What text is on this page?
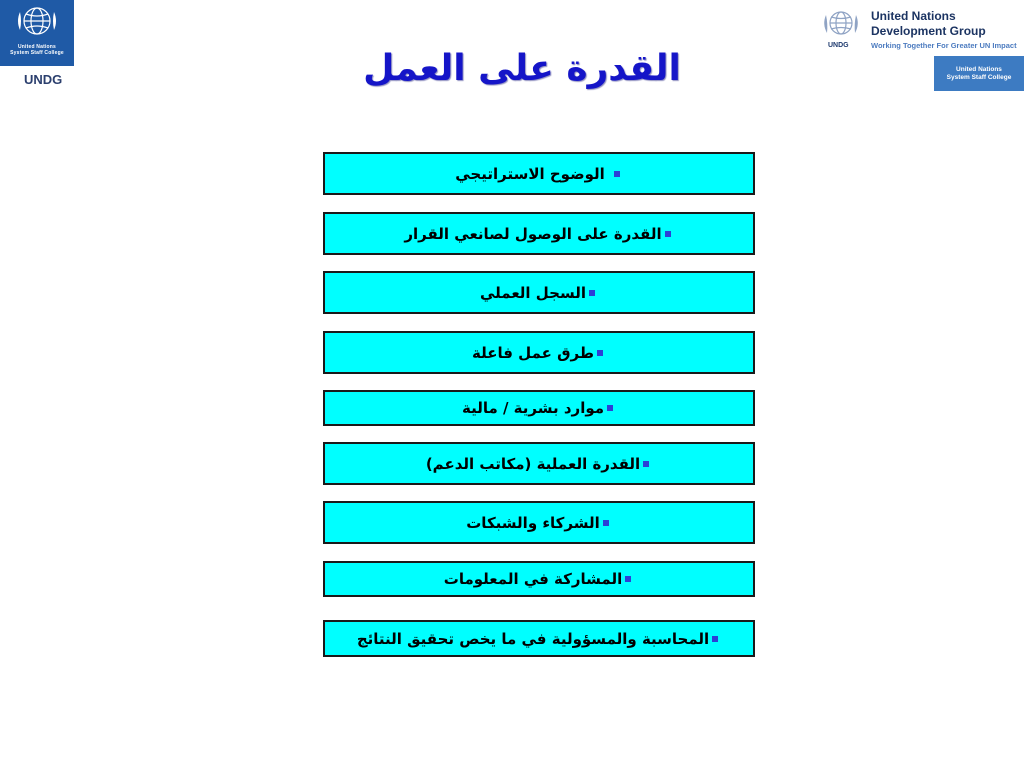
United Nations
System Staff College
UNDG
UNDG
United Nations
Development Group
Working Together For Greater UN Impact
United Nations
System Staff College
القدرة على العمل
الوضوح الاستراتيجي
القدرة على الوصول لصانعي القرار
السجل العملي
طرق عمل فاعلة
موارد بشرية / مالية
القدرة العملية (مكاتب الدعم)
الشركاء والشبكات
المشاركة في المعلومات
المحاسبة والمسؤولية في ما يخص تحقيق النتائج
